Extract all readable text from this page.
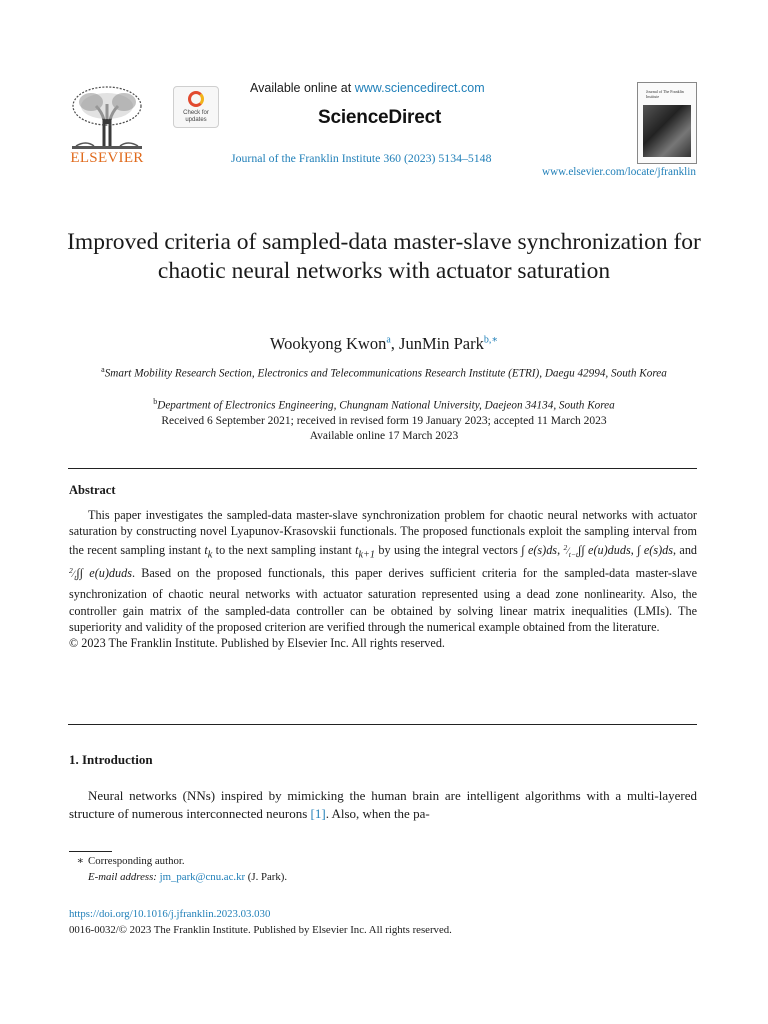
ELSEVIER
Check for updates
Available online at www.sciencedirect.com
ScienceDirect
Journal of the Franklin Institute 360 (2023) 5134–5148
Journal of The Franklin Institute
www.elsevier.com/locate/jfranklin
Improved criteria of sampled-data master-slave synchronization for chaotic neural networks with actuator saturation
Wookyong Kwon$^a$, JunMin Park$^{b,∗}$
$^a$Smart Mobility Research Section, Electronics and Telecommunications Research Institute (ETRI), Daegu 42994, South Korea
$^b$Department of Electronics Engineering, Chungnam National University, Daejeon 34134, South Korea
Received 6 September 2021; received in revised form 19 January 2023; accepted 11 March 2023
Available online 17 March 2023
Abstract

This paper investigates the sampled-data master-slave synchronization problem for chaotic neural networks with actuator saturation by constructing novel Lyapunov-Krasovskii functionals. The proposed functionals exploit the sampling interval from the recent sampling instant $t_k$ to the next sampling instant $t_{k+1}$ by using the integral vectors ∫ e(s)ds, $^2⁄_{t-t}\int\int$ e(u)duds, ∫ e(s)ds, and $^2⁄_t\int\int$ e(u)duds. Based on the proposed functionals, this paper derives sufficient criteria for the sampled-data master-slave synchronization of chaotic neural networks with actuator saturation represented using a dead zone nonlinearity. Also, the controller gain matrix of the sampled-data controller can be obtained by solving linear matrix inequalities (LMIs). The superiority and validity of the proposed criterion are verified through the numerical example obtained from the literature.

© 2023 The Franklin Institute. Published by Elsevier Inc. All rights reserved.

1. Introduction

Neural networks (NNs) inspired by mimicking the human brain are intelligent algorithms with a multi-layered structure of numerous interconnected neurons [1]. Also, when the pa-

∗ Corresponding author.
E-mail address: jm_park@cnu.ac.kr (J. Park).
https://doi.org/10.1016/j.jfranklin.2023.03.030
0016-0032/© 2023 The Franklin Institute. Published by Elsevier Inc. All rights reserved.
